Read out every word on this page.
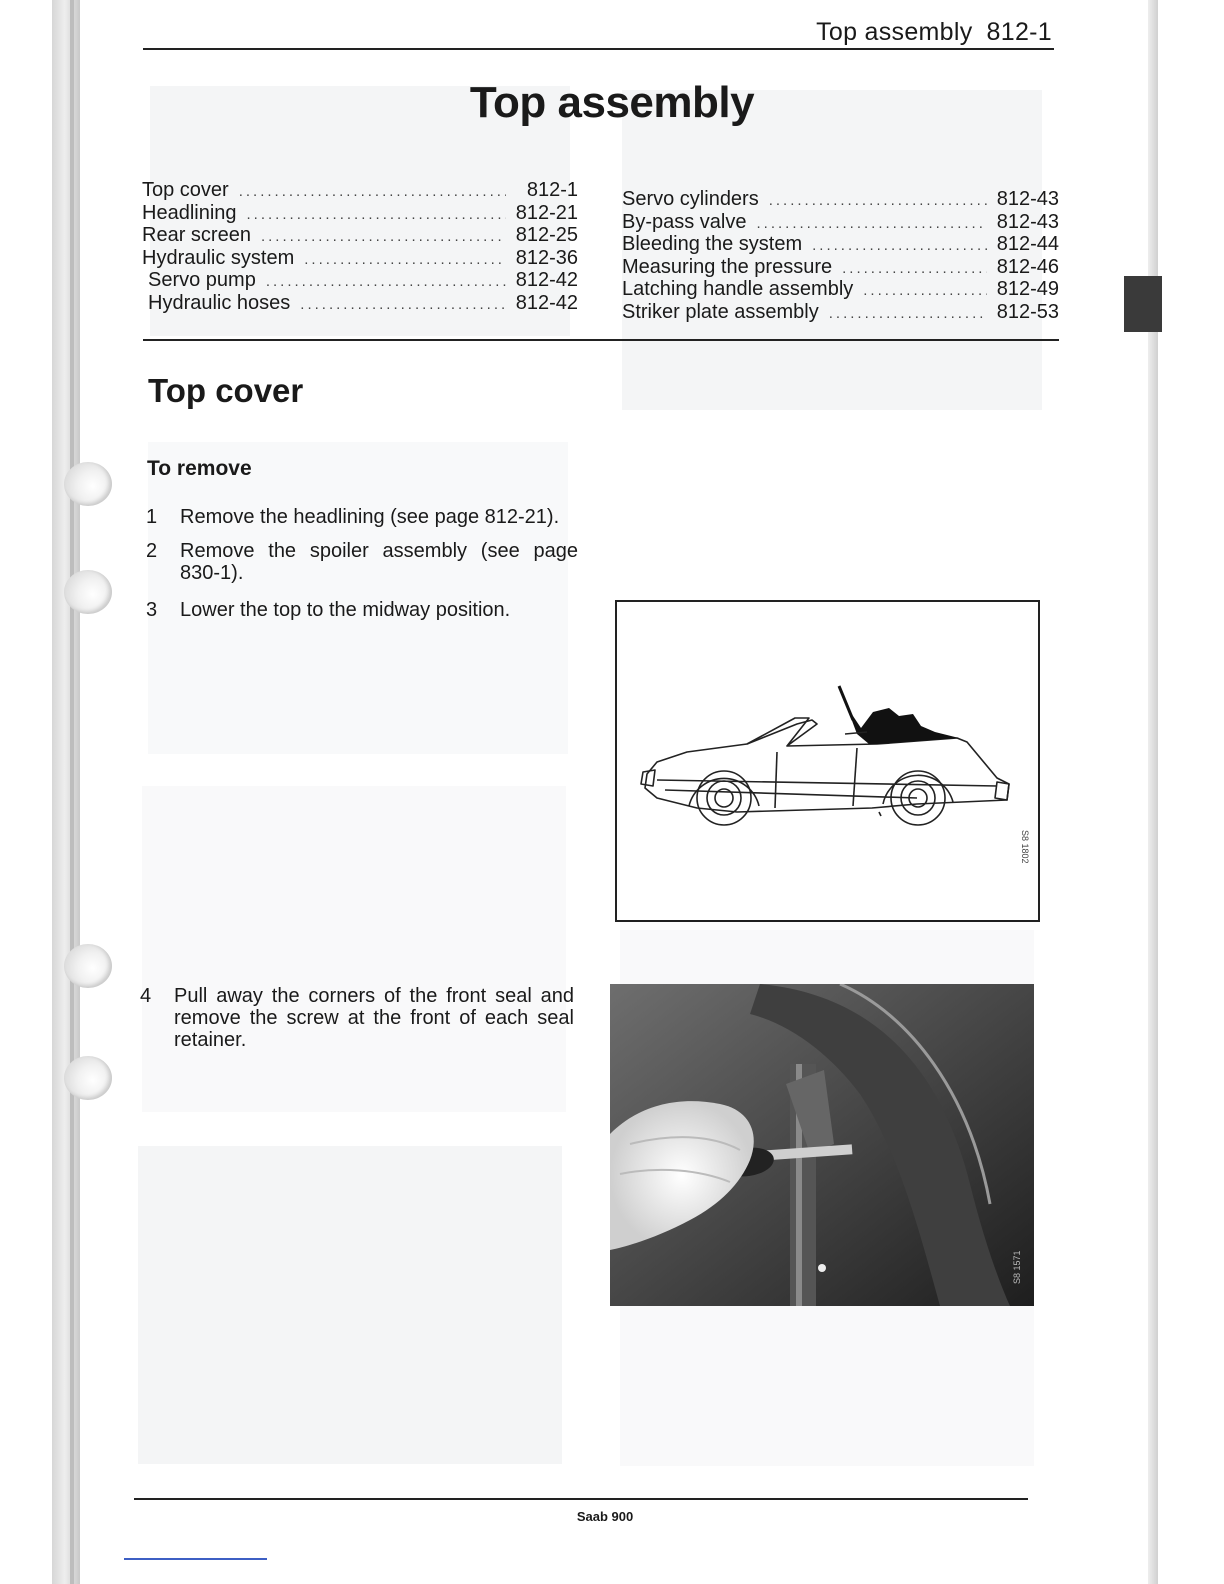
Top assembly 812-1
Top assembly
Top cover .....	812-1
Headlining .....	812-21
Rear screen .....	812-25
Hydraulic system .....	812-36
Servo pump .....	812-42
Hydraulic hoses .....	812-42
Servo cylinders .....	812-43
By-pass valve .....	812-43
Bleeding the system .....	812-44
Measuring the pressure .....	812-46
Latching handle assembly .....	812-49
Striker plate assembly .....	812-53
Top cover
To remove
1	Remove the headlining (see page 812-21).
2	Remove the spoiler assembly (see page 830-1).
3	Lower the top to the midway position.
4	Pull away the corners of the front seal and remove the screw at the front of each seal retainer.
S8 1802
S8 1571
Saab 900
